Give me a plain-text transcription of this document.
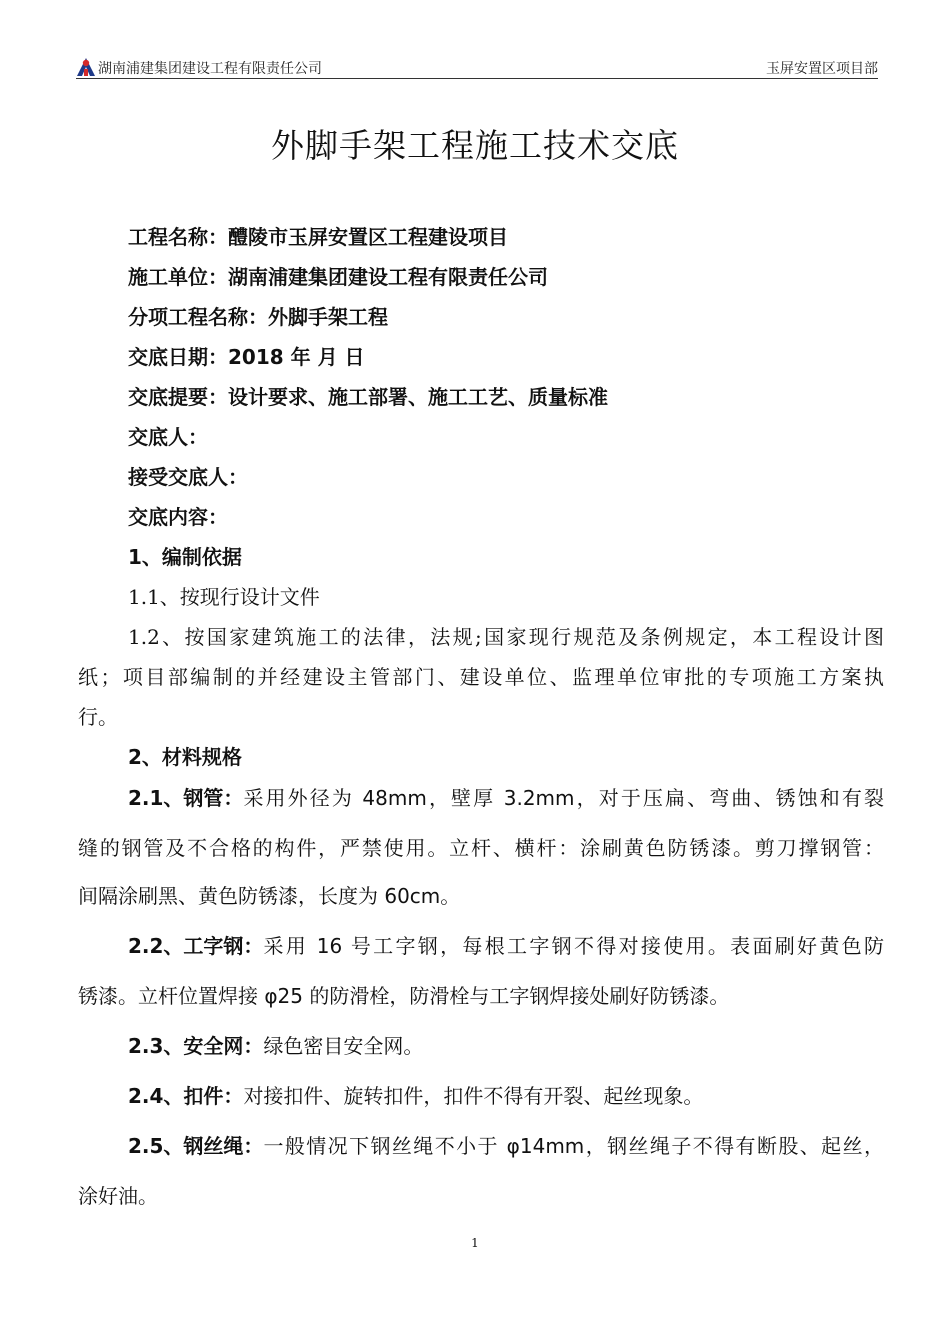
湖南浦建集团建设工程有限责任公司	玉屏安置区项目部
外脚手架工程施工技术交底
工程名称：醴陵市玉屏安置区工程建设项目
施工单位：湖南浦建集团建设工程有限责任公司
分项工程名称：外脚手架工程
交底日期：2018 年 月 日
交底提要：设计要求、施工部署、施工工艺、质量标准
交底人：
接受交底人：
交底内容：
1、编制依据
1.1、按现行设计文件
1.2、按国家建筑施工的法律，法规;国家现行规范及条例规定，本工程设计图
纸；项目部编制的并经建设主管部门、建设单位、监理单位审批的专项施工方案执
行。
2、材料规格
2.1、钢管： 采用外径为 48mm，壁厚 3.2mm，对于压扁、弯曲、锈蚀和有裂
缝的钢管及不合格的构件，严禁使用。立杆、横杆：涂刷黄色防锈漆。剪刀撑钢管：
间隔涂刷黑、黄色防锈漆，长度为 60cm。
2.2、工字钢： 采用 16 号工字钢，每根工字钢不得对接使用。表面刷好黄色防
锈漆。立杆位置焊接 φ25 的防滑栓，防滑栓与工字钢焊接处刷好防锈漆。
2.3、安全网：绿色密目安全网。
2.4、扣件：对接扣件、旋转扣件，扣件不得有开裂、起丝现象。
2.5、钢丝绳： 一般情况下钢丝绳不小于 φ14mm，钢丝绳子不得有断股、起丝，
涂好油。
1
